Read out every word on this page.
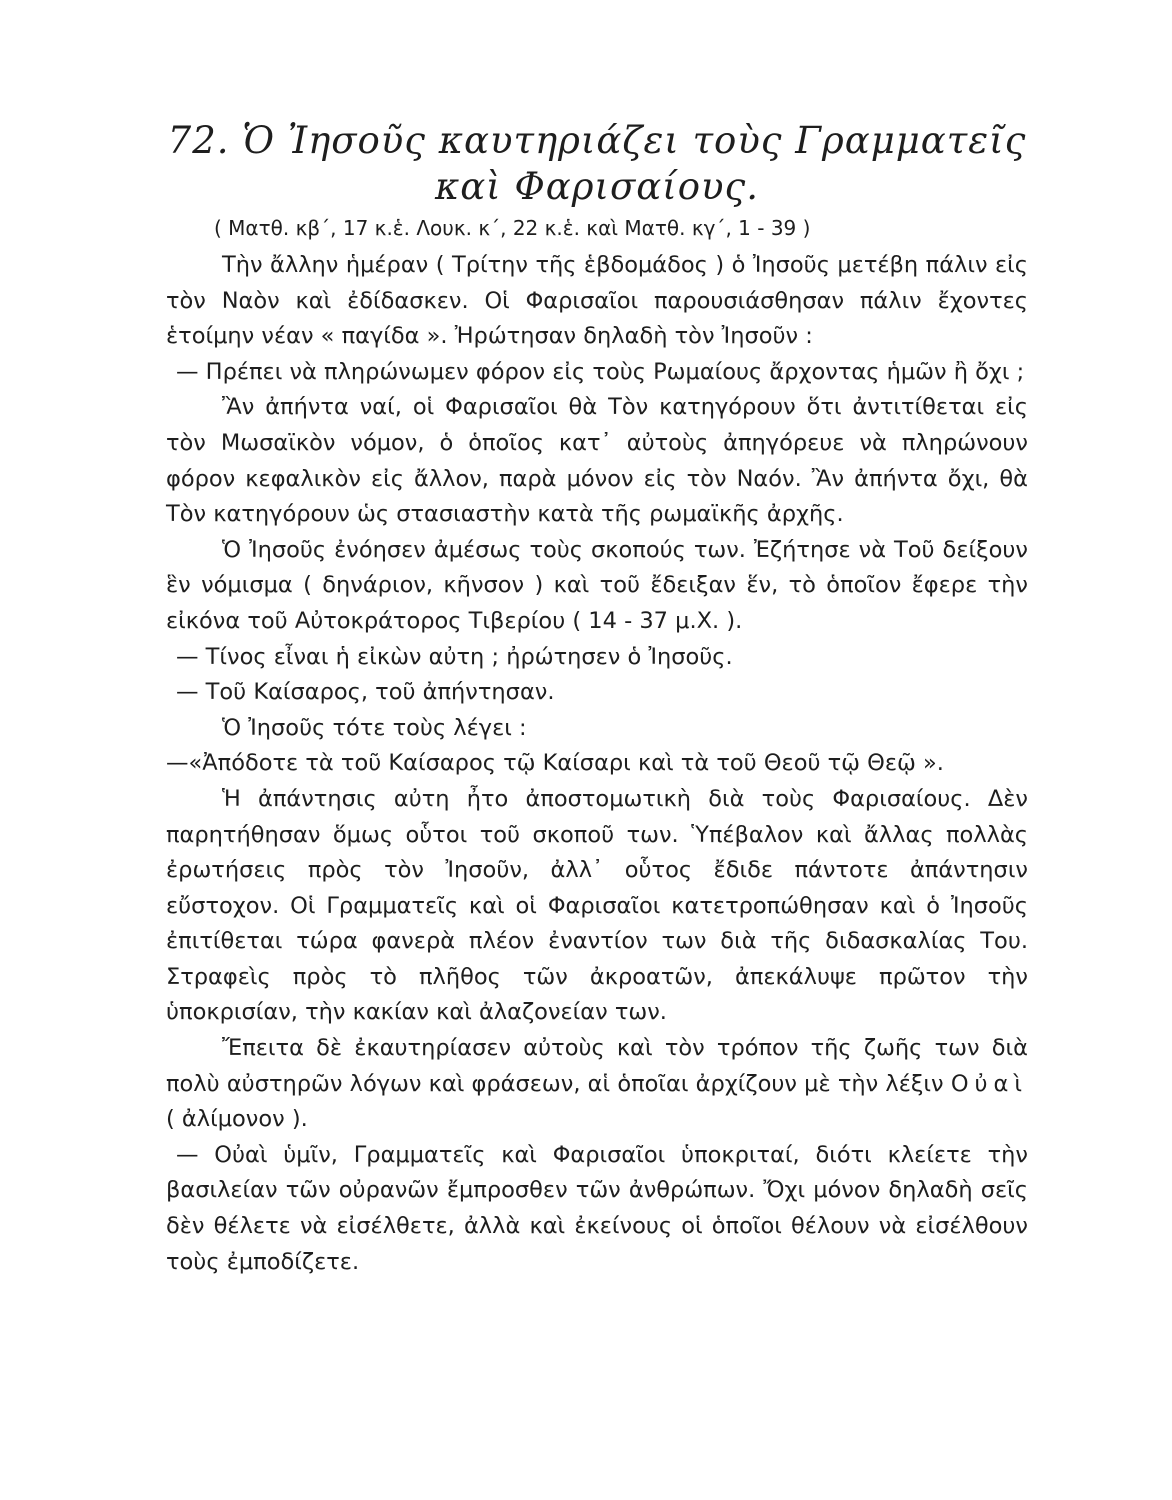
72. Ὁ Ἰησοῦς καυτηριάζει τοὺς Γραμματεῖς
καὶ Φαρισαίους.
( Ματθ. κβ΄, 17 κ.ἑ. Λουκ. κ΄, 22 κ.ἑ. καὶ Ματθ. κγ΄, 1 - 39 )

Τὴν ἄλλην ἡμέραν ( Τρίτην τῆς ἑβδομάδος ) ὁ Ἰησοῦς μετέβη πάλιν εἰς τὸν Ναὸν καὶ ἐδίδασκεν. Οἱ Φαρισαῖοι παρουσιάσθησαν πάλιν ἔχοντες ἑτοίμην νέαν « παγίδα ». Ἠρώτησαν δηλαδὴ τὸν Ἰησοῦν :

— Πρέπει νὰ πληρώνωμεν φόρον εἰς τοὺς Ρωμαίους ἄρχοντας ἡμῶν ἢ ὄχι ;

Ἂν ἀπήντα ναί, οἱ Φαρισαῖοι θὰ Τὸν κατηγόρουν ὅτι ἀντιτίθεται εἰς τὸν Μωσαϊκὸν νόμον, ὁ ὁποῖος κατ᾽ αὐτοὺς ἀπηγόρευε νὰ πληρώνουν φόρον κεφαλικὸν εἰς ἄλλον, παρὰ μόνον εἰς τὸν Ναόν. Ἂν ἀπήντα ὄχι, θὰ Τὸν κατηγόρουν ὡς στασιαστὴν κατὰ τῆς ρωμαϊκῆς ἀρχῆς.

Ὁ Ἰησοῦς ἐνόησεν ἀμέσως τοὺς σκοπούς των. Ἐζήτησε νὰ Τοῦ δείξουν ἓν νόμισμα ( δηνάριον, κῆνσον ) καὶ τοῦ ἔδειξαν ἕν, τὸ ὁποῖον ἔφερε τὴν εἰκόνα τοῦ Αὐτοκράτορος Τιβερίου ( 14 - 37 μ.Χ. ).

— Τίνος εἶναι ἡ εἰκὼν αὐτη ; ἠρώτησεν ὁ Ἰησοῦς.

— Τοῦ Καίσαρος, τοῦ ἀπήντησαν.

Ὁ Ἰησοῦς τότε τοὺς λέγει :

—«Ἀπόδοτε τὰ τοῦ Καίσαρος τῷ Καίσαρι καὶ τὰ τοῦ Θεοῦ τῷ Θεῷ ».

Ἡ ἀπάντησις αὐτη ἦτο ἀποστομωτικὴ διὰ τοὺς Φαρισαίους. Δὲν παρητήθησαν ὅμως οὗτοι τοῦ σκοποῦ των. Ὑπέβαλον καὶ ἄλλας πολλὰς ἐρωτήσεις πρὸς τὸν Ἰησοῦν, ἀλλ᾽ οὗτος ἔδιδε πάντοτε ἀπάντησιν εὔστοχον. Οἱ Γραμματεῖς καὶ οἱ Φαρισαῖοι κατετροπώθησαν καὶ ὁ Ἰησοῦς ἐπιτίθεται τώρα φανερὰ πλέον ἐναντίον των διὰ τῆς διδασκαλίας Του. Στραφεὶς πρὸς τὸ πλῆθος τῶν ἀκροατῶν, ἀπεκάλυψε πρῶτον τὴν ὑποκρισίαν, τὴν κακίαν καὶ ἀλαζονείαν των.

Ἔπειτα δὲ ἐκαυτηρίασεν αὐτοὺς καὶ τὸν τρόπον τῆς ζωῆς των διὰ πολὺ αὐστηρῶν λόγων καὶ φράσεων, αἱ ὁποῖαι ἀρχίζουν μὲ τὴν λέξιν Οὐαὶ ( ἀλίμονον ).

— Οὐαὶ ὑμῖν, Γραμματεῖς καὶ Φαρισαῖοι ὑποκριταί, διότι κλείετε τὴν βασιλείαν τῶν οὐρανῶν ἔμπροσθεν τῶν ἀνθρώπων. Ὄχι μόνον δηλαδὴ σεῖς δὲν θέλετε νὰ εἰσέλθετε, ἀλλὰ καὶ ἐκείνους οἱ ὁποῖοι θέλουν νὰ εἰσέλθουν τοὺς ἐμποδίζετε.
